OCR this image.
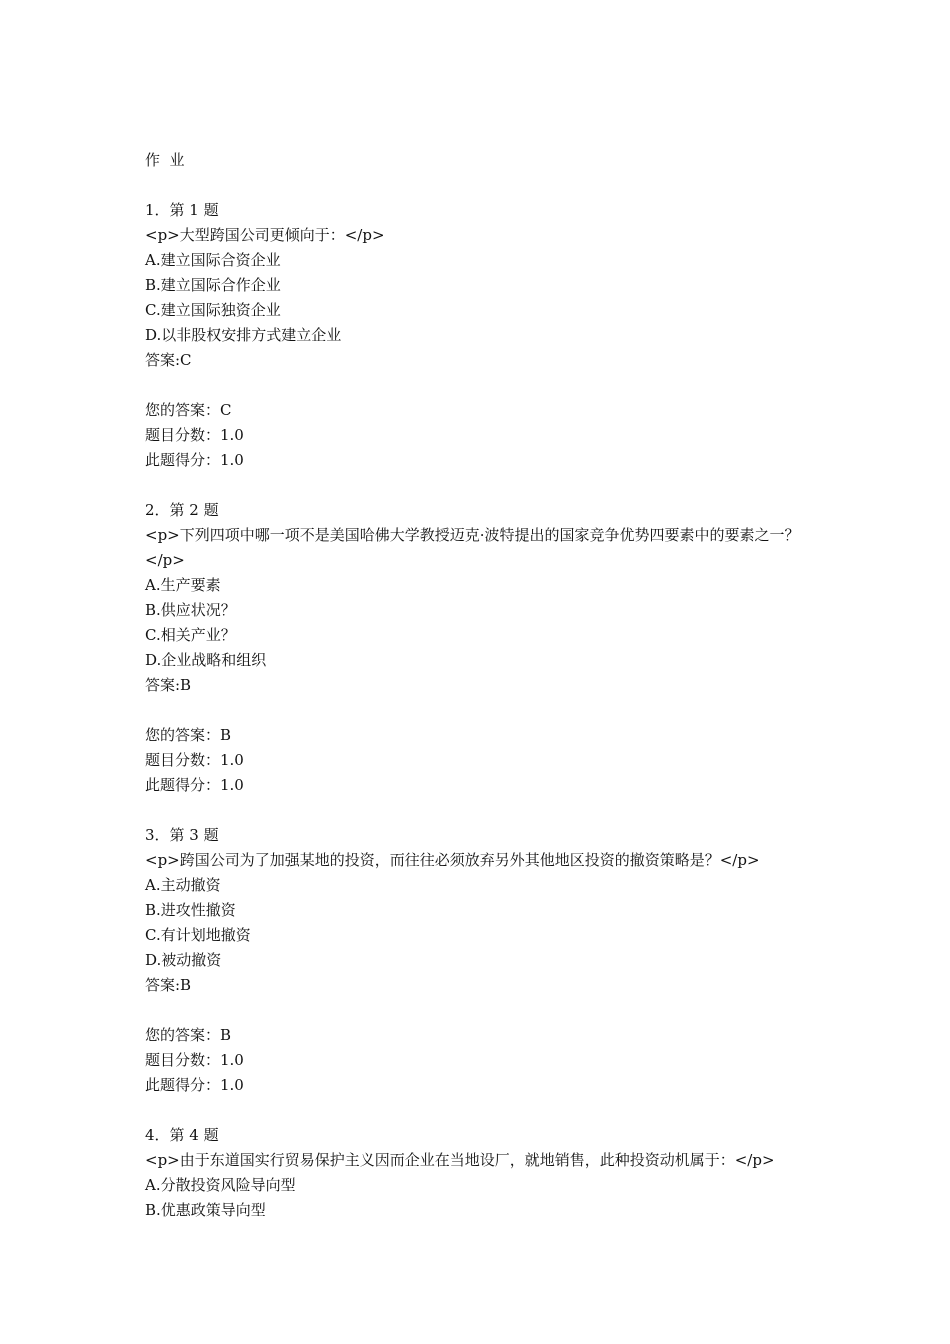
作  业
1．第 1 题
<p>大型跨国公司更倾向于：</p>
A.建立国际合资企业
B.建立国际合作企业
C.建立国际独资企业
D.以非股权安排方式建立企业
答案:C
您的答案：C
题目分数：1.0
此题得分：1.0
2．第 2 题
<p>下列四项中哪一项不是美国哈佛大学教授迈克·波特提出的国家竞争优势四要素中的要素之一？</p>
A.生产要素
B.供应状况？
C.相关产业？
D.企业战略和组织
答案:B
您的答案：B
题目分数：1.0
此题得分：1.0
3．第 3 题
<p>跨国公司为了加强某地的投资，而往往必须放弃另外其他地区投资的撤资策略是？</p>
A.主动撤资
B.进攻性撤资
C.有计划地撤资
D.被动撤资
答案:B
您的答案：B
题目分数：1.0
此题得分：1.0
4．第 4 题
<p>由于东道国实行贸易保护主义因而企业在当地设厂，就地销售，此种投资动机属于：</p>
A.分散投资风险导向型
B.优惠政策导向型
